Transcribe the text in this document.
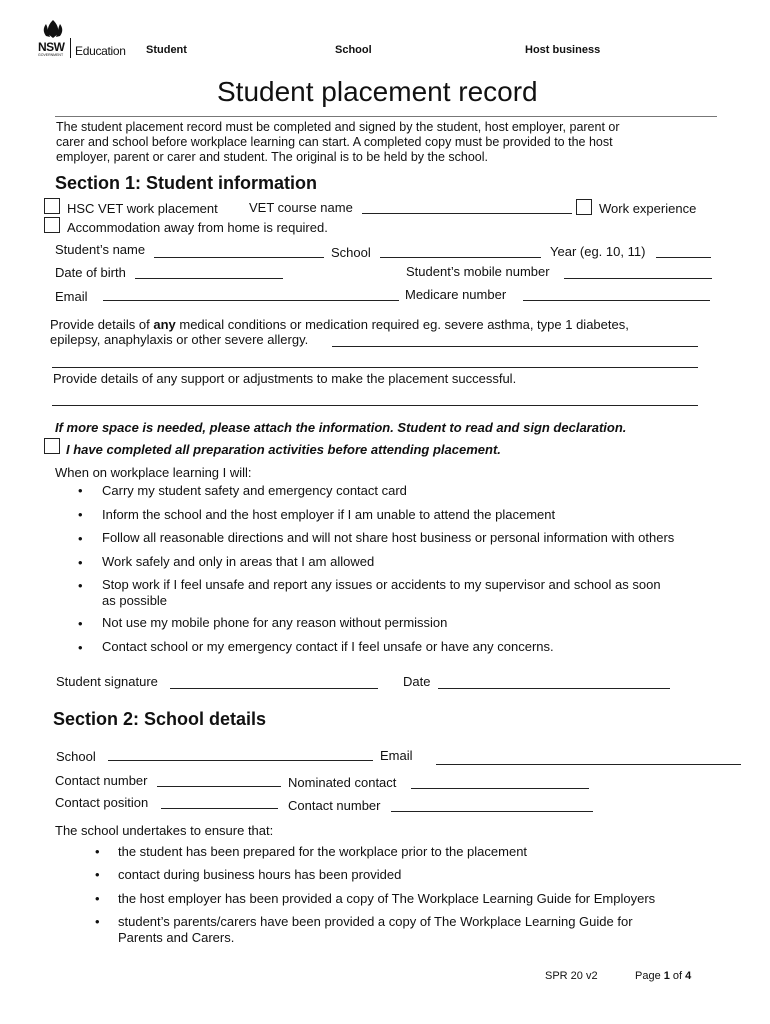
NSW
GOVERNMENT Education Student	School	Host business
Student placement record
The student placement record must be completed and signed by the student, host employer, parent or
carer and school before workplace learning can start. A completed copy must be provided to the host
employer, parent or carer and student. The original is to be held by the school.
Section 1: Student information
HSC VET work placement VET course name	Work experience
Accommodation away from home is required.
Student’s name	School	Year (eg. 10, 11)
Date of birth	Student’s mobile number
Email	Medicare number
Provide details of any medical conditions or medication required eg. severe asthma, type 1 diabetes,
epilepsy, anaphylaxis or other severe allergy.
Provide details of any support or adjustments to make the placement successful.
If more space is needed, please attach the information. Student to read and sign declaration.
I have completed all preparation activities before attending placement.
When on workplace learning I will:
• Carry my student safety and emergency contact card
• Inform the school and the host employer if I am unable to attend the placement
• Follow all reasonable directions and will not share host business or personal information with others
• Work safely and only in areas that I am allowed
• Stop work if I feel unsafe and report any issues or accidents to my supervisor and school as soon
as possible
• Not use my mobile phone for any reason without permission
• Contact school or my emergency contact if I feel unsafe or have any concerns.
Student signature	Date
Section 2: School details
School	Email
Contact number	Nominated contact
Contact position	Contact number
The school undertakes to ensure that:
• the student has been prepared for the workplace prior to the placement
• contact during business hours has been provided
• the host employer has been provided a copy of The Workplace Learning Guide for Employers
• student’s parents/carers have been provided a copy of The Workplace Learning Guide for
Parents and Carers.
SPR 20 v2	Page 1 of 4
